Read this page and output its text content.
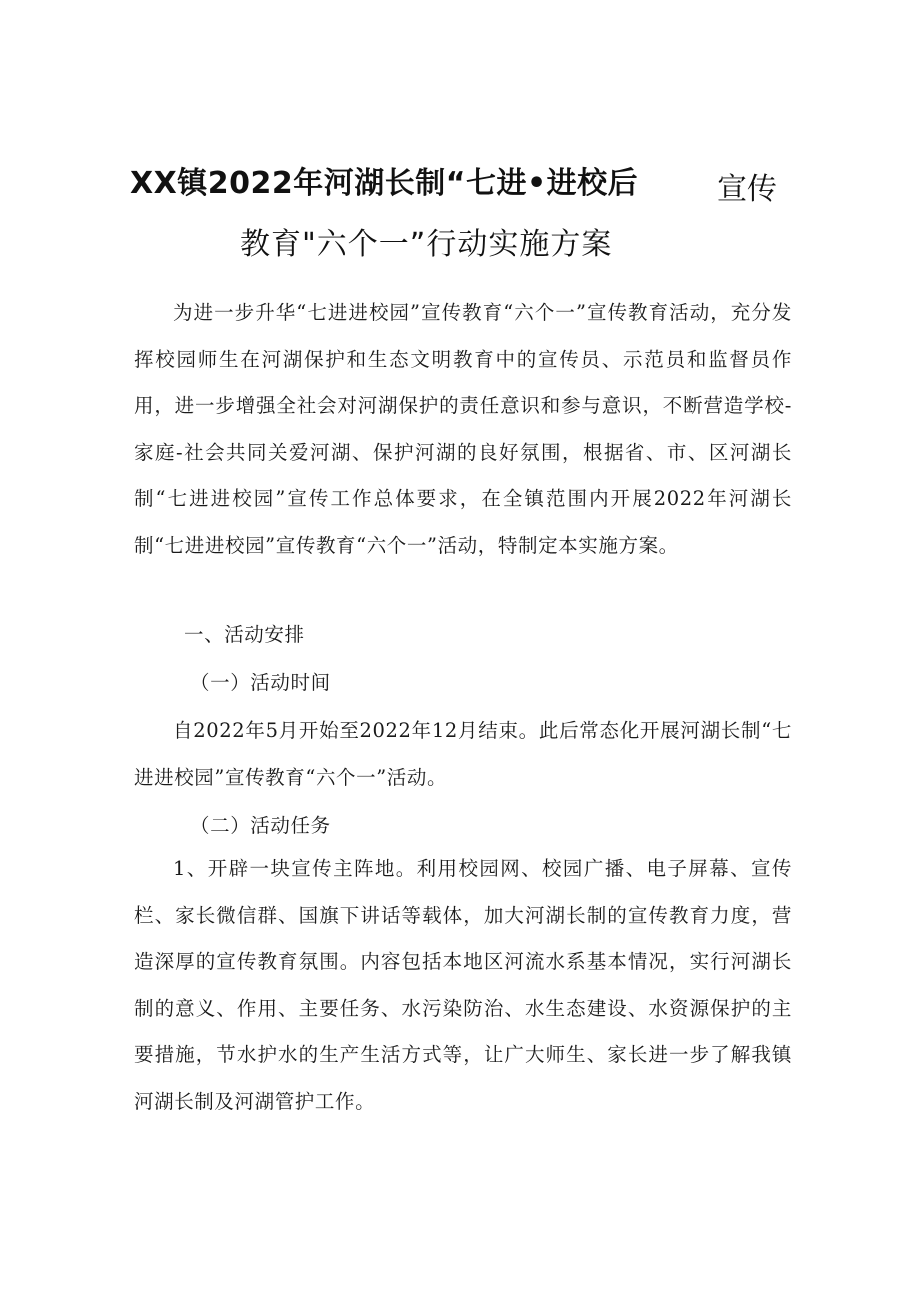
XX镇2022年河湖长制“七进•进校后	宣传
教育"六个一”行动实施方案
为进一步升华“七进进校园”宣传教育“六个一”宣传教育活动，充分发挥校园师生在河湖保护和生态文明教育中的宣传员、示范员和监督员作用，进一步增强全社会对河湖保护的责任意识和参与意识，不断营造学校-家庭-社会共同关爱河湖、保护河湖的良好氛围，根据省、市、区河湖长制“七进进校园”宣传工作总体要求，在全镇范围内开展2022年河湖长制“七进进校园”宣传教育“六个一”活动，特制定本实施方案。
一、活动安排
（一）活动时间
自2022年5月开始至2022年12月结束。此后常态化开展河湖长制“七进进校园”宣传教育“六个一”活动。
（二）活动任务
1、开辟一块宣传主阵地。利用校园网、校园广播、电子屏幕、宣传栏、家长微信群、国旗下讲话等载体，加大河湖长制的宣传教育力度，营造深厚的宣传教育氛围。内容包括本地区河流水系基本情况，实行河湖长制的意义、作用、主要任务、水污染防治、水生态建设、水资源保护的主要措施，节水护水的生产生活方式等，让广大师生、家长进一步了解我镇河湖长制及河湖管护工作。
